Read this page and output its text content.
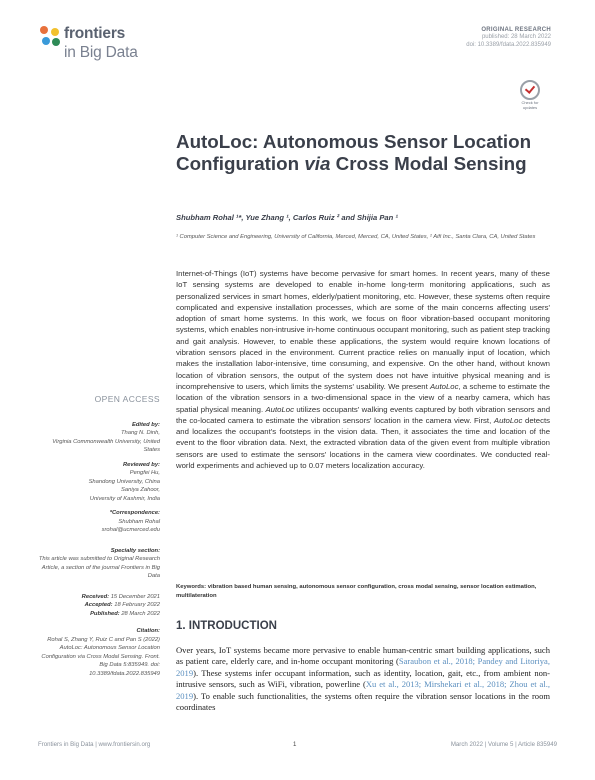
frontiers
in Big Data
ORIGINAL RESEARCH
published: 28 March 2022
doi: 10.3389/fdata.2022.835949
Check for
updates
AutoLoc: Autonomous Sensor Location Configuration via Cross Modal Sensing
Shubham Rohal ¹*, Yue Zhang ¹, Carlos Ruiz ² and Shijia Pan ¹
¹ Computer Science and Engineering, University of California, Merced, Merced, CA, United States, ² Aifi Inc., Santa Clara, CA, United States
OPEN ACCESS
Edited by:
Thang N. Dinh,
Virginia Commonwealth University, United States
Reviewed by:
Pengfei Hu,
Shandong University, China
Saniya Zahoor,
University of Kashmir, India
*Correspondence:
Shubham Rohal
srohal@ucmerced.edu
Specialty section:
This article was submitted to Original Research Article, a section of the journal Frontiers in Big Data
Received: 15 December 2021
Accepted: 18 February 2022
Published: 28 March 2022
Citation:
Rohal S, Zhang Y, Ruiz C and Pan S (2022) AutoLoc: Autonomous Sensor Location Configuration via Cross Modal Sensing. Front. Big Data 5:835949. doi: 10.3389/fdata.2022.835949
Internet-of-Things (IoT) systems have become pervasive for smart homes. In recent years, many of these IoT sensing systems are developed to enable in-home long-term monitoring applications, such as personalized services in smart homes, elderly/patient monitoring, etc. However, these systems often require complicated and expensive installation processes, which are some of the main concerns affecting users' adoption of smart home systems. In this work, we focus on floor vibration-based occupant monitoring systems, which enables non-intrusive in-home continuous occupant monitoring, such as patient step tracking and gait analysis. However, to enable these applications, the system would require known locations of vibration sensors placed in the environment. Current practice relies on manually input of location, which makes the installation labor-intensive, time consuming, and expensive. On the other hand, without known location of vibration sensors, the output of the system does not have intuitive physical meaning and is incomprehensive to users, which limits the systems' usability. We present AutoLoc, a scheme to estimate the location of the vibration sensors in a two-dimensional space in the view of a nearby camera, which has spatial physical meaning. AutoLoc utilizes occupants' walking events captured by both vibration sensors and the co-located camera to estimate the vibration sensors' location in the camera view. First, AutoLoc detects and localizes the occupant's footsteps in the vision data. Then, it associates the time and location of the event to the floor vibration data. Next, the extracted vibration data of the given event from multiple vibration sensors are used to estimate the sensors' locations in the camera view coordinates. We conducted real-world experiments and achieved up to 0.07 meters localization accuracy.
Keywords: vibration based human sensing, autonomous sensor configuration, cross modal sensing, sensor location estimation, multilateration
1. INTRODUCTION
Over years, IoT systems became more pervasive to enable human-centric smart building applications, such as patient care, elderly care, and in-home occupant monitoring (Saraubon et al., 2018; Pandey and Litoriya, 2019). These systems infer occupant information, such as identity, location, gait, etc., from ambient non-intrusive sensors, such as WiFi, vibration, powerline (Xu et al., 2013; Mirshekari et al., 2018; Zhou et al., 2019). To enable such functionalities, the systems often require the vibration sensor locations in the room coordinates
Frontiers in Big Data | www.frontiersin.org	1	March 2022 | Volume 5 | Article 835949
